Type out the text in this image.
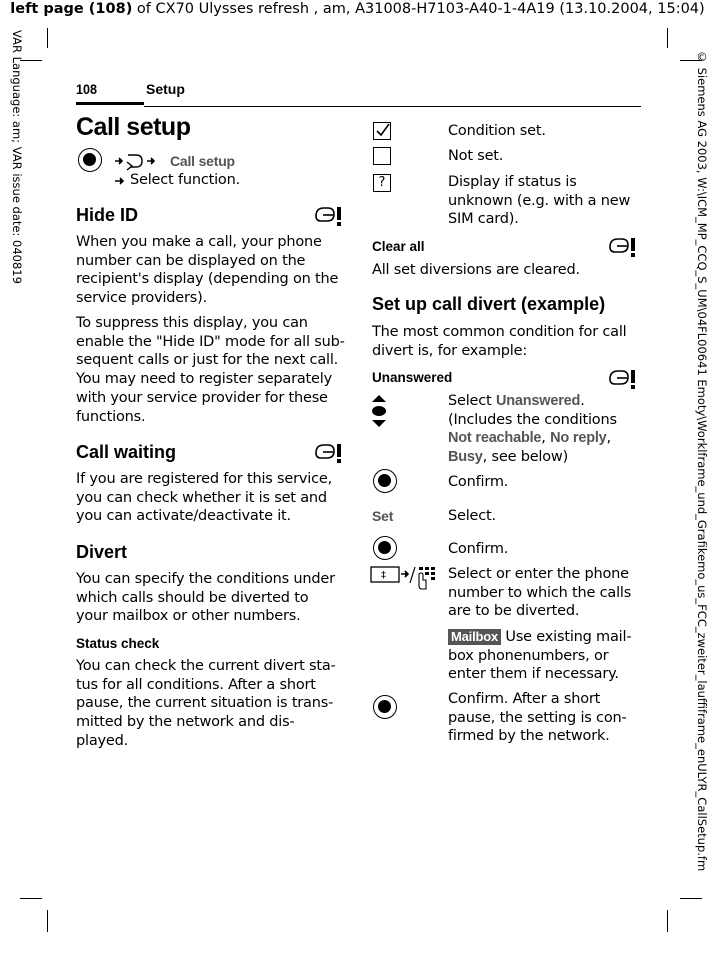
left page (108) of CX70 Ulysses refresh , am, A31008-H7103-A40-1-4A19 (13.10.2004, 15:04)
VAR Language: am; VAR issue date: 040819	© Siemens AG 2003, W:\ICM_MP_CCQ_S_UM\04FL00641 Emoty\Worklframe_und_Grafikemo_us_FCC_zweiter_lauffiframe_enULYR_CallSetup.fm
108	Setup
Call setup
Call setup
Select function.
Hide ID
When you make a call, your phone
number can be displayed on the
recipient's display (depending on the
service providers).
To suppress this display, you can
enable the "Hide ID" mode for all sub-
sequent calls or just for the next call.
You may need to register separately
with your service provider for these
functions.
Call waiting
If you are registered for this service,
you can check whether it is set and
you can activate/deactivate it.
Divert
You can specify the conditions under
which calls should be diverted to
your mailbox or other numbers.
Status check
You can check the current divert sta-
tus for all conditions. After a short
pause, the current situation is trans-
mitted by the network and dis-
played.
Condition set.
Not set.
?	Display if status is
unknown (e.g. with a new
SIM card).
Clear all
All set diversions are cleared.
Set up call divert (example)
The most common condition for call
divert is, for example:
Unanswered
Select Unanswered.
(Includes the conditions
Not reachable, No reply,
Busy, see below)
Confirm.
Set	Select.
Confirm.
‡	Select or enter the phone
number to which the calls
are to be diverted.
Mailbox Use existing mail-
box phonenumbers, or
enter them if necessary.
Confirm. After a short
pause, the setting is con-
firmed by the network.
